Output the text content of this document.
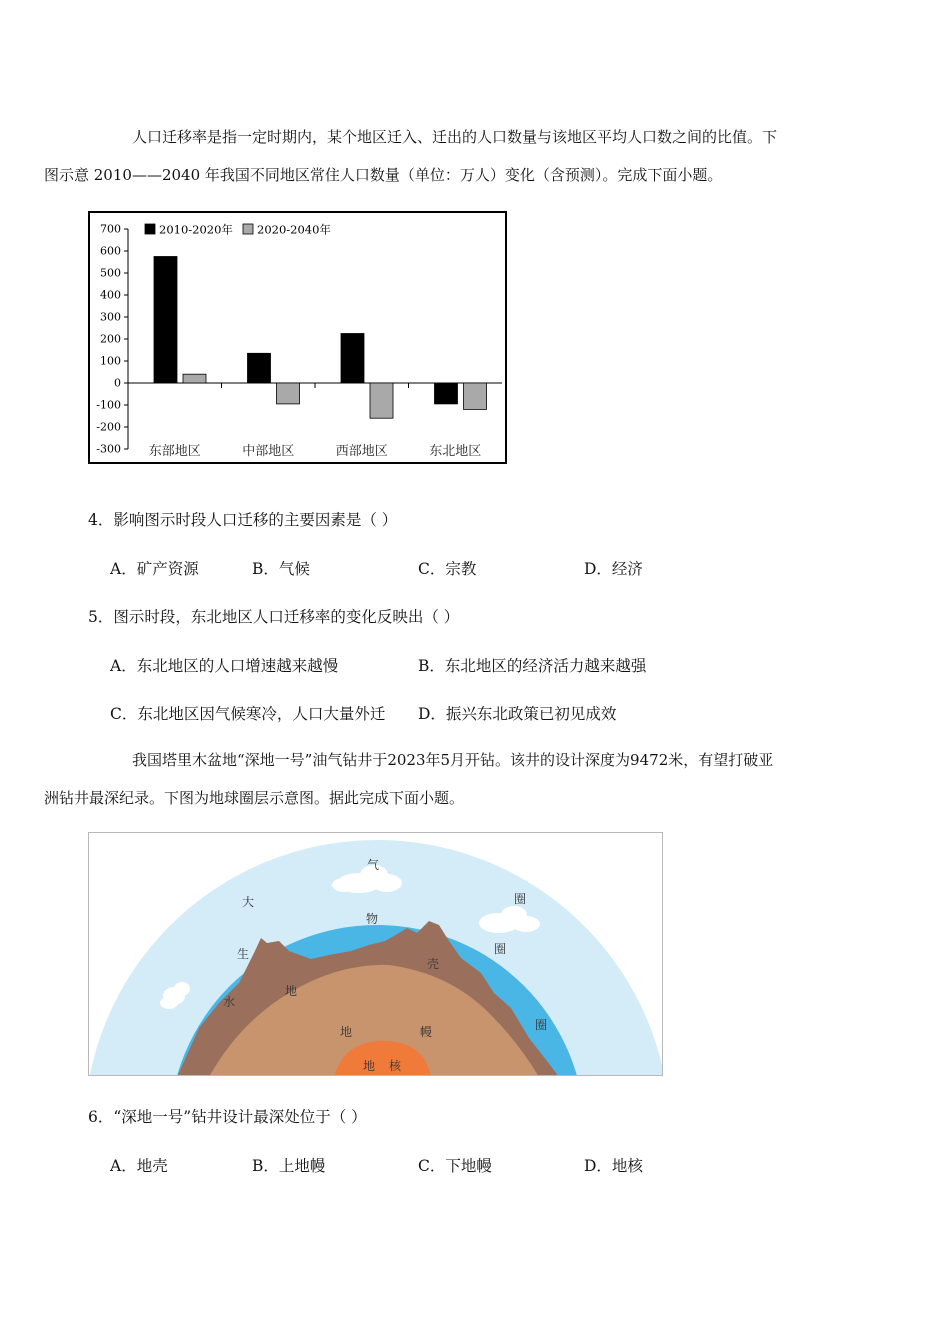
人口迁移率是指一定时期内，某个地区迁入、迁出的人口数量与该地区平均人口数之间的比值。下
图示意 2010——2040 年我国不同地区常住人口数量（单位：万人）变化（含预测）。完成下面小题。

700
600
500
400
300
200
100
0
-100
-200
-300 东部地区	中部地区	西部地区	东北地区
2010-2020年 2020-2040年

4．影响图示时段人口迁移的主要因素是（ ）

A．矿产资源	B．气候	C．宗教	D．经济

5．图示时段，东北地区人口迁移率的变化反映出（ ）

A．东北地区的人口增速越来越慢	B．东北地区的经济活力越来越强
C．东北地区因气候寒冷，人口大量外迁 D．振兴东北政策已初见成效

我国塔里木盆地“深地一号”油气钻井于2023年5月开钻。该井的设计深度为9472米，有望打破亚
洲钻井最深纪录。下图为地球圈层示意图。据此完成下面小题。

大
气
圈
生
物
圈
水
圈
地
壳
地	幔
地 核

6．“深地一号”钻井设计最深处位于（ ）

A．地壳	B．上地幔	C．下地幔	D．地核
